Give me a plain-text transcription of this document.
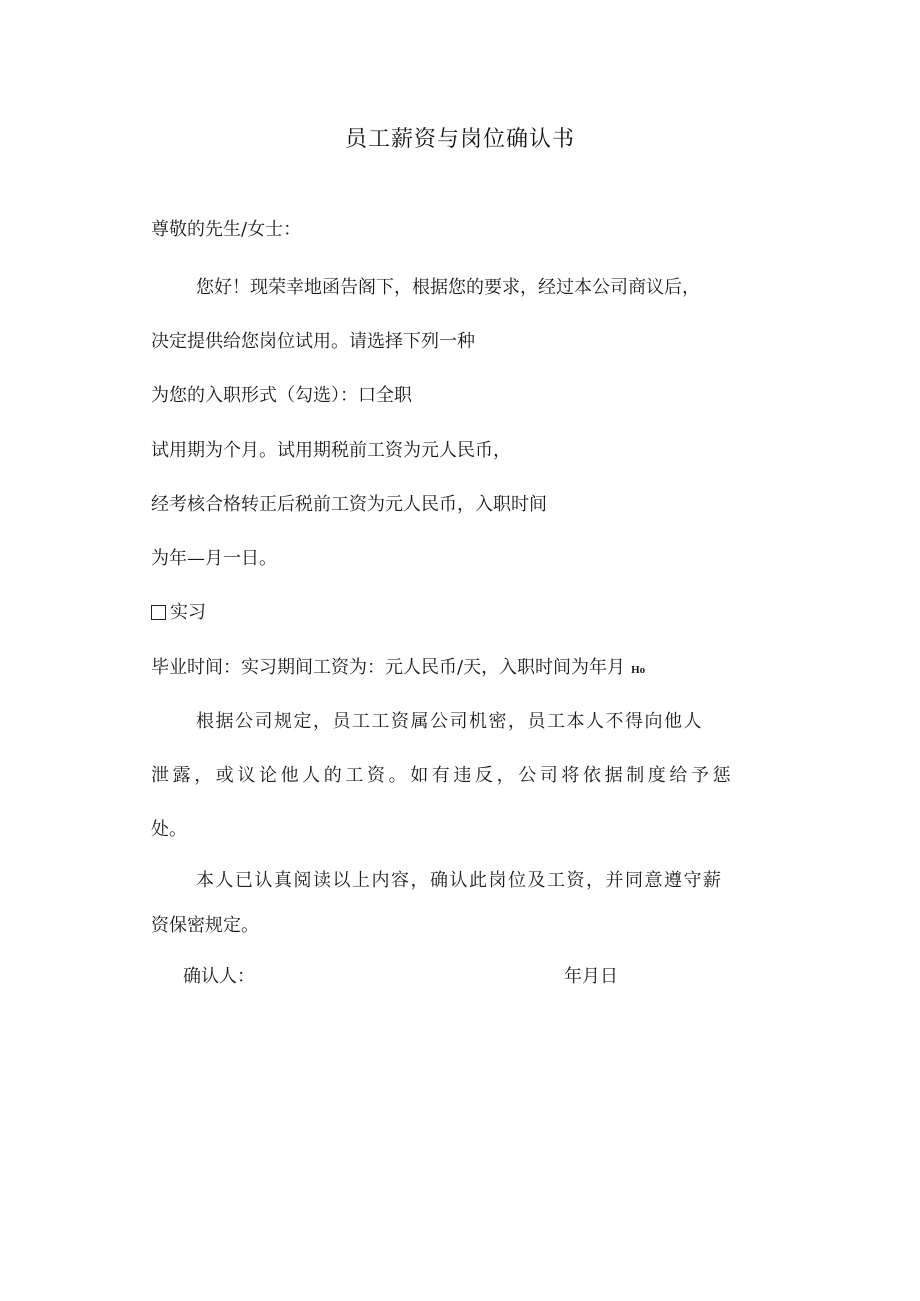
员工薪资与岗位确认书
尊敬的先生/女士：
您好！现荣幸地函告阁下，根据您的要求，经过本公司商议后，
决定提供给您岗位试用。请选择下列一种
为您的入职形式（勾选）：口全职
试用期为个月。试用期税前工资为元人民币，
经考核合格转正后税前工资为元人民币，入职时间
为年—月一日。
实习
毕业时间：实习期间工资为：元人民币/天，入职时间为年月 Ho
根据公司规定，员工工资属公司机密，员工本人不得向他人
泄露，或议论他人的工资。如有违反，公司将依据制度给予惩
处。
本人已认真阅读以上内容，确认此岗位及工资，并同意遵守薪
资保密规定。
确认人：	年月日
